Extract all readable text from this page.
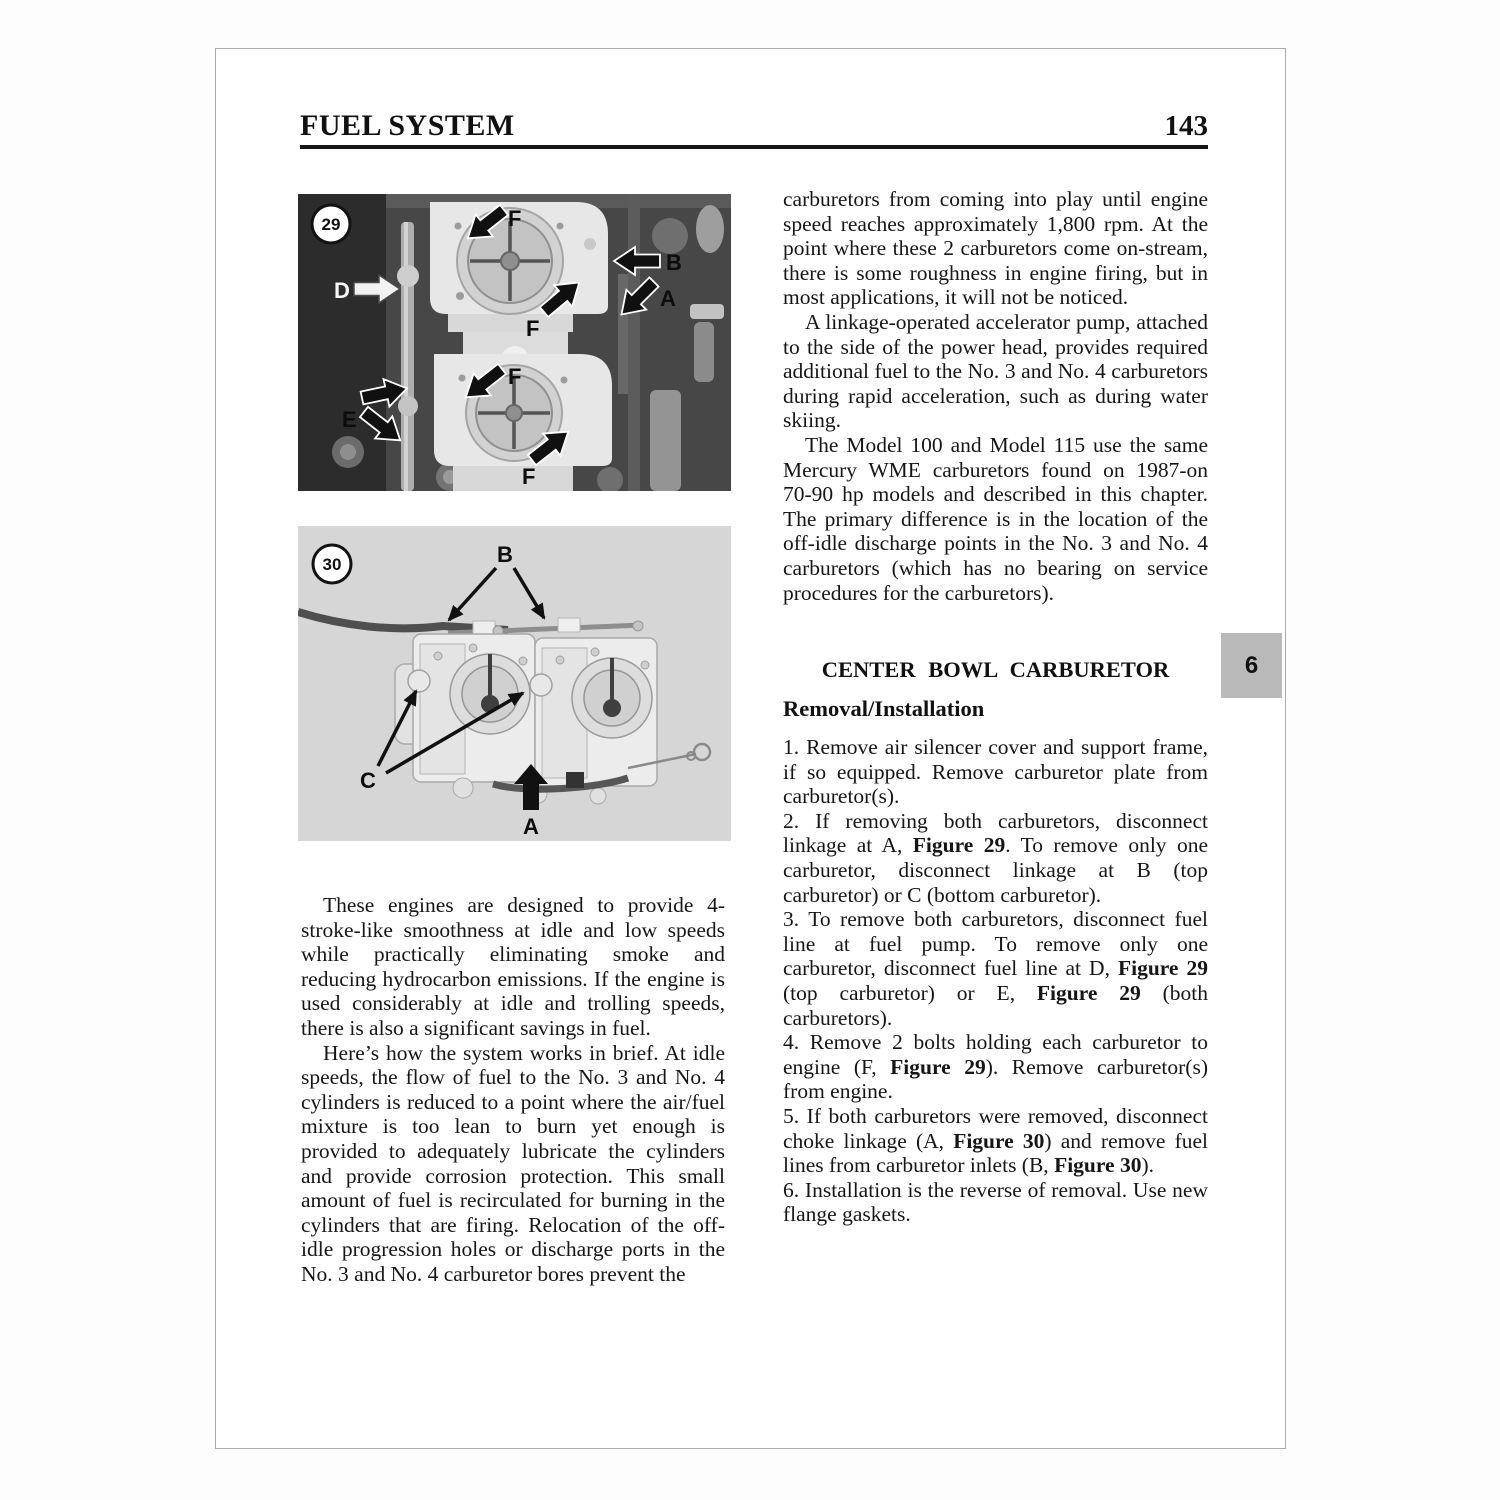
FUEL SYSTEM	143
F
F
F
F
B
A
D
E
29
B
C
A
30

These engines are designed to provide 4-stroke-like smoothness at idle and low speeds while practically eliminating smoke and reducing hydrocarbon emissions. If the engine is used considerably at idle and trolling speeds, there is also a significant savings in fuel.

Here’s how the system works in brief. At idle speeds, the flow of fuel to the No. 3 and No. 4 cylinders is reduced to a point where the air/fuel mixture is too lean to burn yet enough is provided to adequately lubricate the cylinders and provide corrosion protection. This small amount of fuel is recirculated for burning in the cylinders that are firing. Relocation of the off-idle progression holes or discharge ports in the No. 3 and No. 4 carburetor bores prevent the

carburetors from coming into play until engine speed reaches approximately 1,800 rpm. At the point where these 2 carburetors come on-stream, there is some roughness in engine firing, but in most applications, it will not be noticed.

A linkage-operated accelerator pump, attached to the side of the power head, provides required additional fuel to the No. 3 and No. 4 carburetors during rapid acceleration, such as during water skiing.

The Model 100 and Model 115 use the same Mercury WME carburetors found on 1987-on 70-90 hp models and described in this chapter. The primary difference is in the location of the off-idle discharge points in the No. 3 and No. 4 carburetors (which has no bearing on service procedures for the carburetors).

CENTER BOWL CARBURETOR
Removal/Installation

1. Remove air silencer cover and support frame, if so equipped. Remove carburetor plate from carburetor(s).

2. If removing both carburetors, disconnect linkage at A, Figure 29. To remove only one carburetor, disconnect linkage at B (top carburetor) or C (bottom carburetor).

3. To remove both carburetors, disconnect fuel line at fuel pump. To remove only one carburetor, disconnect fuel line at D, Figure 29 (top carburetor) or E, Figure 29 (both carburetors).

4. Remove 2 bolts holding each carburetor to engine (F, Figure 29). Remove carburetor(s) from engine.

5. If both carburetors were removed, disconnect choke linkage (A, Figure 30) and remove fuel lines from carburetor inlets (B, Figure 30).

6. Installation is the reverse of removal. Use new flange gaskets.

6
